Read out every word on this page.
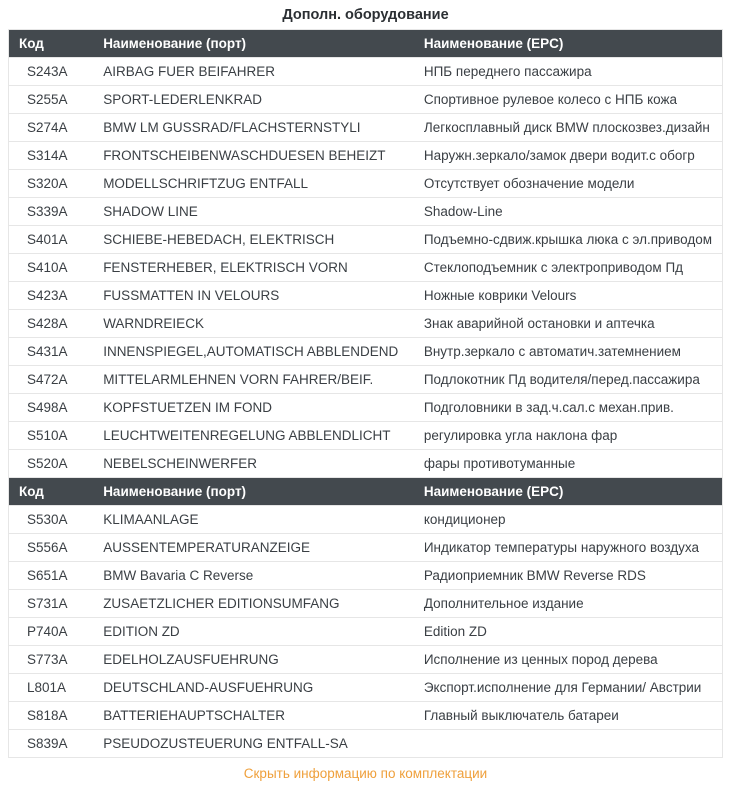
Дополн. оборудование
Код	Наименование (порт)	Наименование (EPC)
S243A	AIRBAG FUER BEIFAHRER	НПБ переднего пассажира
S255A	SPORT-LEDERLENKRAD	Спортивное рулевое колесо с НПБ кожа
S274A	BMW LM GUSSRAD/FLACHSTERNSTYLI	Легкосплавный диск BMW плоскозвез.дизайн
S314A	FRONTSCHEIBENWASCHDUESEN BEHEIZT	Наружн.зеркало/замок двери водит.с обогр
S320A	MODELLSCHRIFTZUG ENTFALL	Отсутствует обозначение модели
S339A	SHADOW LINE	Shadow-Line
S401A	SCHIEBE-HEBEDACH, ELEKTRISCH	Подъемно-сдвиж.крышка люка с эл.приводом
S410A	FENSTERHEBER, ELEKTRISCH VORN	Стеклоподъемник с электроприводом Пд
S423A	FUSSMATTEN IN VELOURS	Ножные коврики Velours
S428A	WARNDREIECK	Знак аварийной остановки и аптечка
S431A	INNENSPIEGEL,AUTOMATISCH ABBLENDEND	Внутр.зеркало с автоматич.затемнением
S472A	MITTELARMLEHNEN VORN FAHRER/BEIF.	Подлокотник Пд водителя/перед.пассажира
S498A	KOPFSTUETZEN IM FOND	Подголовники в зад.ч.сал.с механ.прив.
S510A	LEUCHTWEITENREGELUNG ABBLENDLICHT	регулировка угла наклона фар
S520A	NEBELSCHEINWERFER	фары противотуманные
Код	Наименование (порт)	Наименование (EPC)
S530A	KLIMAANLAGE	кондиционер
S556A	AUSSENTEMPERATURANZEIGE	Индикатор температуры наружного воздуха
S651A	BMW Bavaria C Reverse	Радиоприемник BMW Reverse RDS
S731A	ZUSAETZLICHER EDITIONSUMFANG	Дополнительное издание
P740A	EDITION ZD	Edition ZD
S773A	EDELHOLZAUSFUEHRUNG	Исполнение из ценных пород дерева
L801A	DEUTSCHLAND-AUSFUEHRUNG	Экспорт.исполнение для Германии/ Австрии
S818A	BATTERIEHAUPTSCHALTER	Главный выключатель батареи
S839A	PSEUDOZUSTEUERUNG ENTFALL-SA	
Скрыть информацию по комплектации
